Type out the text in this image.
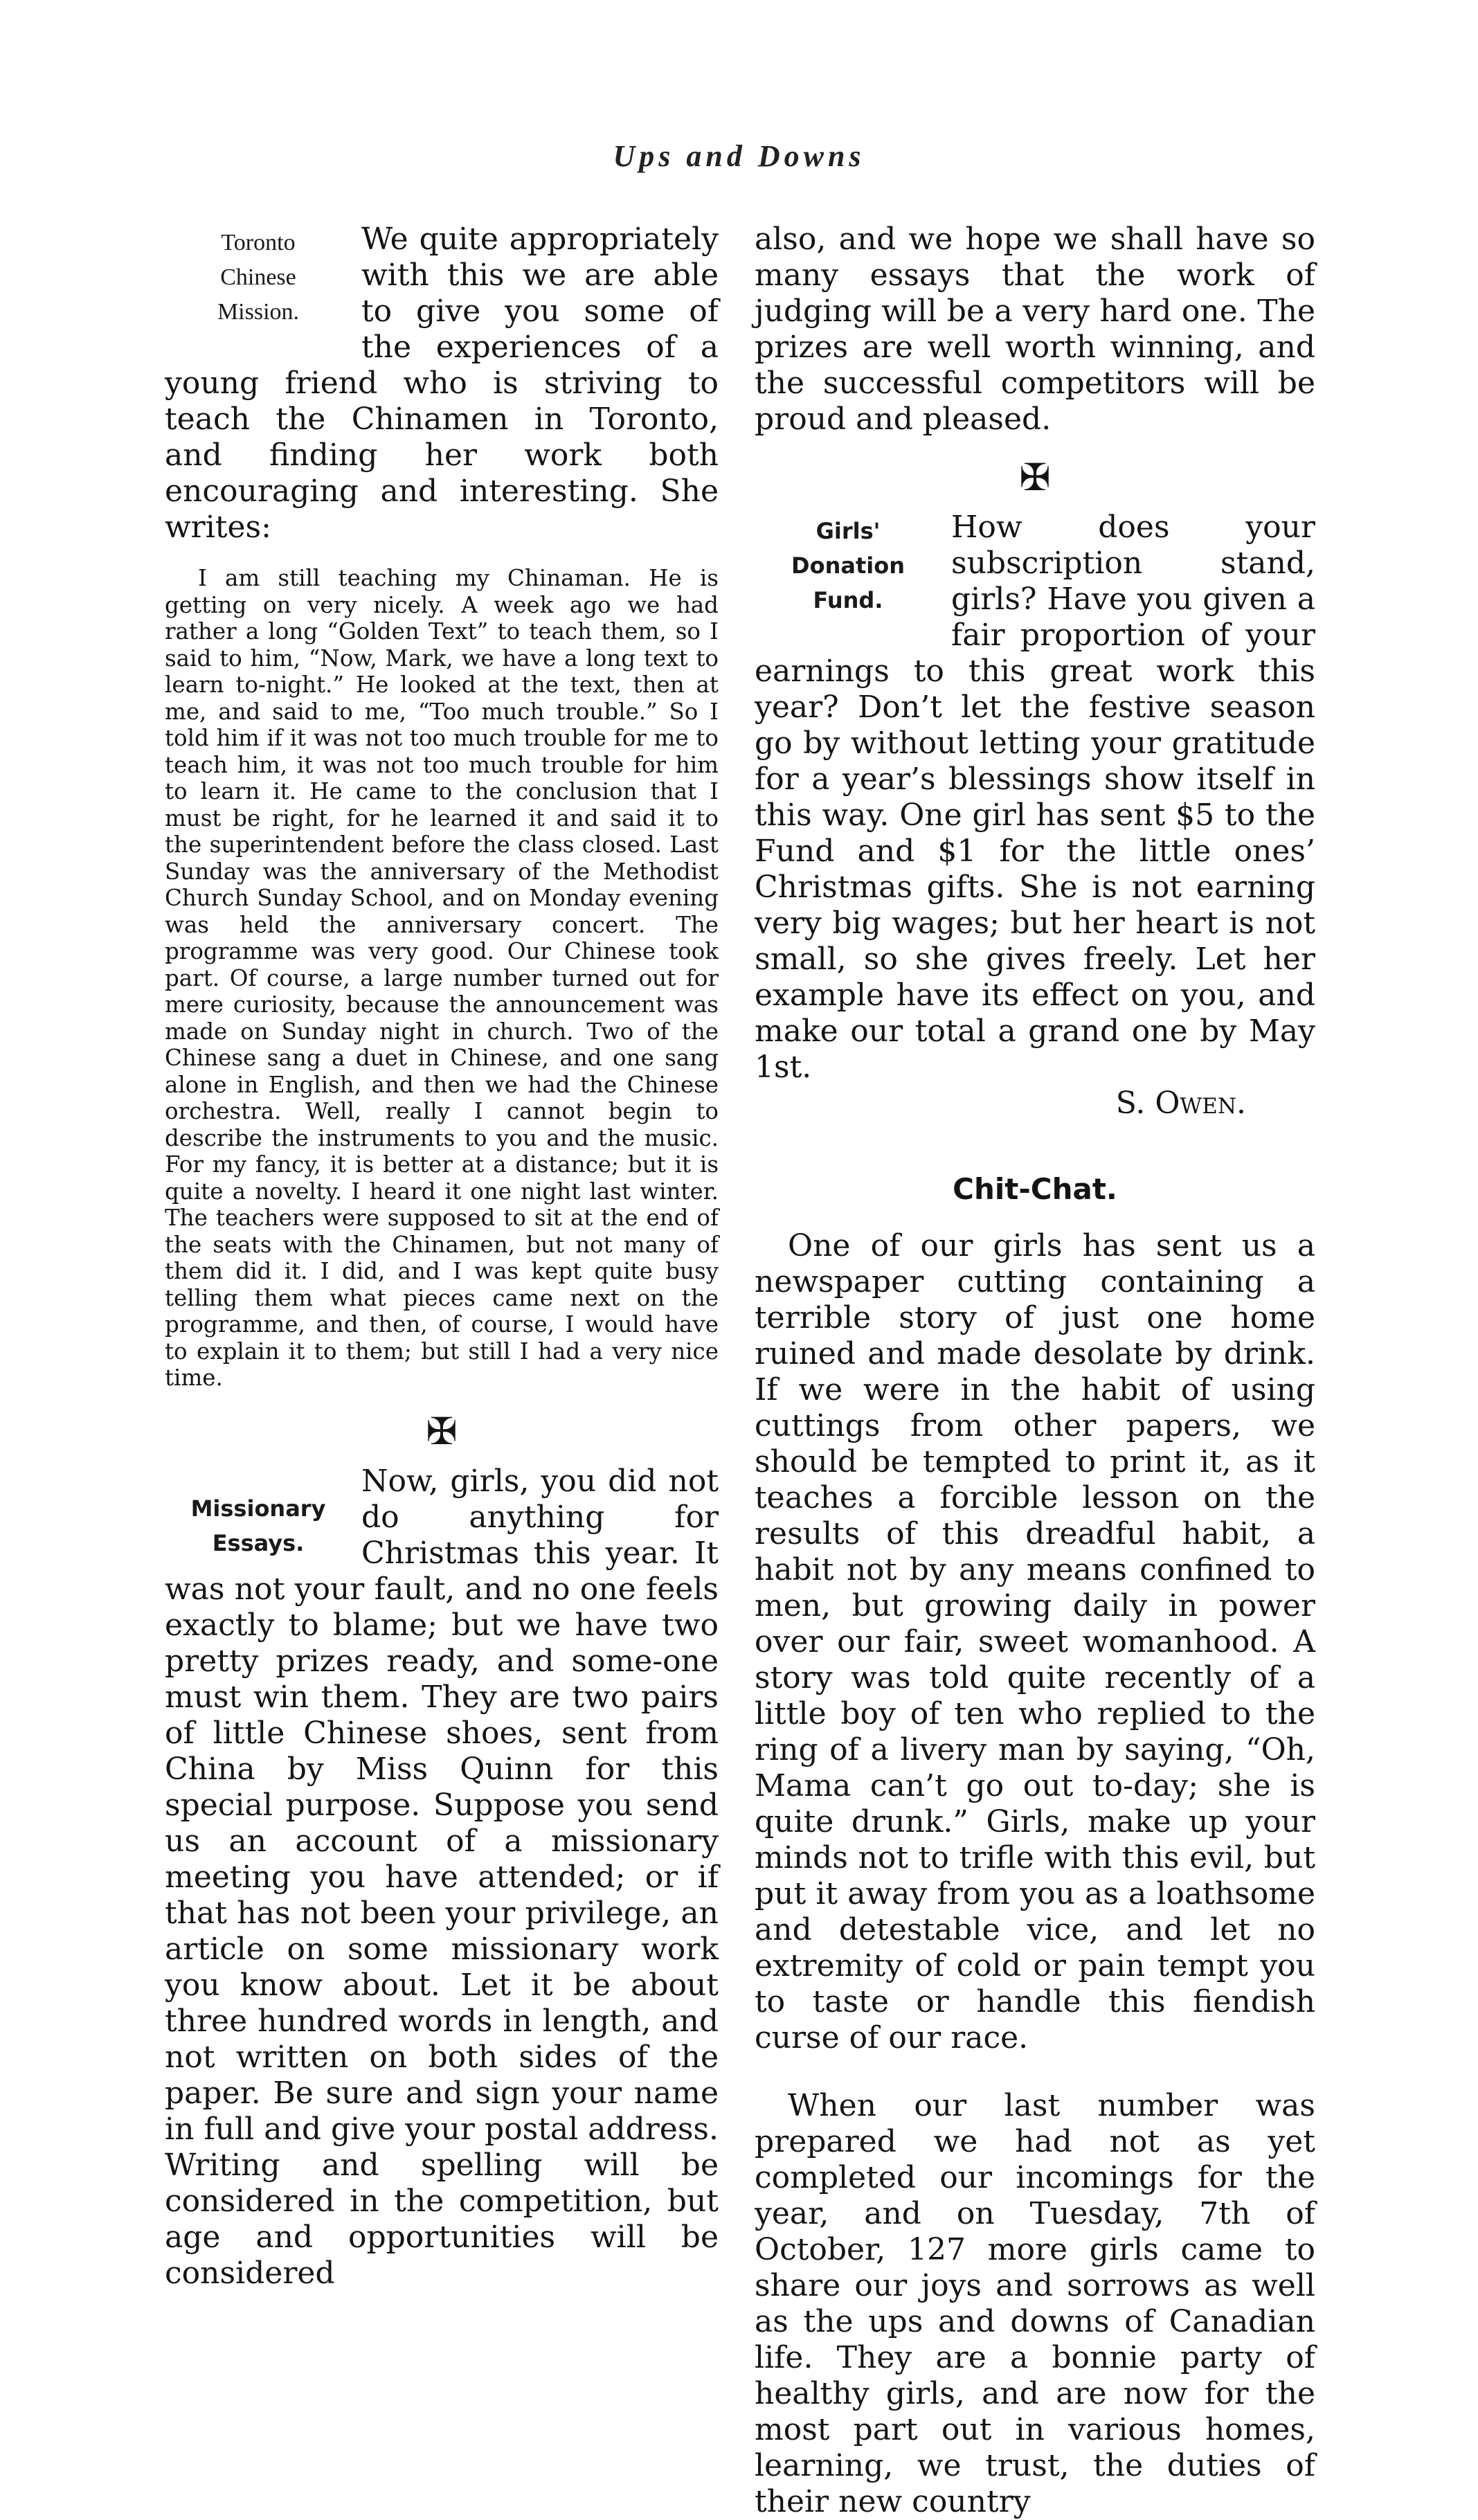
Ups and Downs
Toronto
Chinese
Mission.

We quite appropriately with this we are able to give you some of the experiences of a young friend who is striving to teach the Chinamen in Toronto, and finding her work both encouraging and interesting. She writes:

I am still teaching my Chinaman. He is getting on very nicely. A week ago we had rather a long “Golden Text” to teach them, so I said to him, “Now, Mark, we have a long text to learn to-night.” He looked at the text, then at me, and said to me, “Too much trouble.” So I told him if it was not too much trouble for me to teach him, it was not too much trouble for him to learn it. He came to the conclusion that I must be right, for he learned it and said it to the superintendent before the class closed. Last Sunday was the anniversary of the Methodist Church Sunday School, and on Monday evening was held the anniversary concert. The programme was very good. Our Chinese took part. Of course, a large number turned out for mere curiosity, because the announcement was made on Sunday night in church. Two of the Chinese sang a duet in Chinese, and one sang alone in English, and then we had the Chinese orchestra. Well, really I cannot begin to describe the instruments to you and the music. For my fancy, it is better at a distance; but it is quite a novelty. I heard it one night last winter. The teachers were supposed to sit at the end of the seats with the Chinamen, but not many of them did it. I did, and I was kept quite busy telling them what pieces came next on the programme, and then, of course, I would have to explain it to them; but still I had a very nice time.

✠
Missionary
Essays.

Now, girls, you did not do anything for Christmas this year. It was not your fault, and no one feels exactly to blame; but we have two pretty prizes ready, and some-one must win them. They are two pairs of little Chinese shoes, sent from China by Miss Quinn for this special purpose. Suppose you send us an account of a missionary meeting you have attended; or if that has not been your privilege, an article on some missionary work you know about. Let it be about three hundred words in length, and not written on both sides of the paper. Be sure and sign your name in full and give your postal address. Writing and spelling will be considered in the competition, but age and opportunities will be considered

also, and we hope we shall have so many essays that the work of judging will be a very hard one. The prizes are well worth winning, and the successful competitors will be proud and pleased.

✠
Girls'
Donation
Fund.

How does your subscription stand, girls? Have you given a fair proportion of your earnings to this great work this year? Don’t let the festive season go by without letting your gratitude for a year’s blessings show itself in this way. One girl has sent $5 to the Fund and $1 for the little ones’ Christmas gifts. She is not earning very big wages; but her heart is not small, so she gives freely. Let her example have its effect on you, and make our total a grand one by May 1st.

S. Owen.

Chit-Chat.

One of our girls has sent us a newspaper cutting containing a terrible story of just one home ruined and made desolate by drink. If we were in the habit of using cuttings from other papers, we should be tempted to print it, as it teaches a forcible lesson on the results of this dreadful habit, a habit not by any means confined to men, but growing daily in power over our fair, sweet womanhood. A story was told quite recently of a little boy of ten who replied to the ring of a livery man by saying, “Oh, Mama can’t go out to-day; she is quite drunk.” Girls, make up your minds not to trifle with this evil, but put it away from you as a loathsome and detestable vice, and let no extremity of cold or pain tempt you to taste or handle this fiendish curse of our race.

When our last number was prepared we had not as yet completed our incomings for the year, and on Tuesday, 7th of October, 127 more girls came to share our joys and sorrows as well as the ups and downs of Canadian life. They are a bonnie party of healthy girls, and are now for the most part out in various homes, learning, we trust, the duties of their new country
